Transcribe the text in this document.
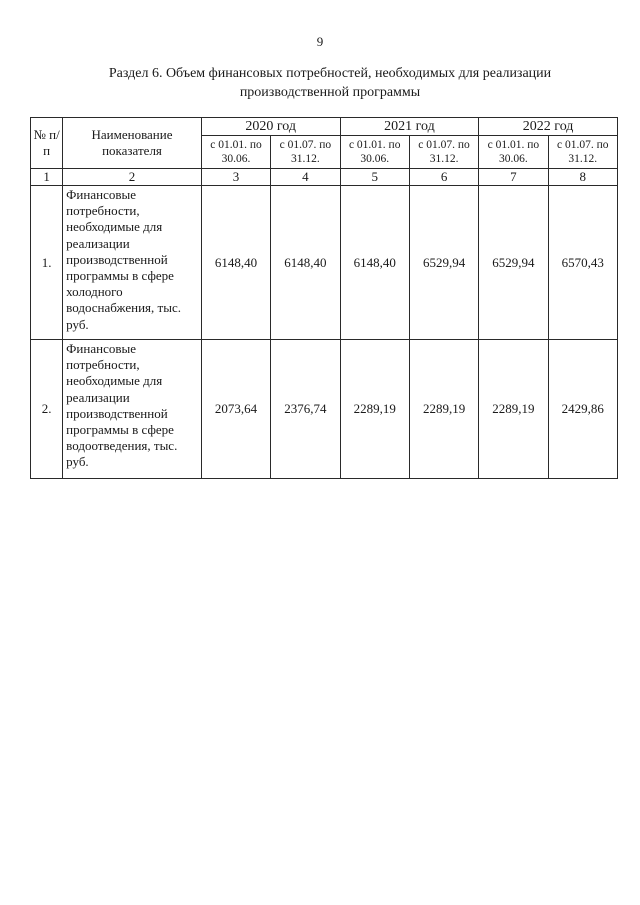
9
Раздел 6. Объем финансовых потребностей, необходимых для реализации
производственной программы
№ п/п	Наименование показателя	2020 год		2021 год		2022 год	
		с 01.01. по 30.06.	с 01.07. по 31.12.	с 01.01. по 30.06.	с 01.07. по 31.12.	с 01.01. по 30.06.	с 01.07. по 31.12.
1	2	3	4	5	6	7	8
1.	Финансовые потребности, необходимые для реализации производственной программы в сфере холодного водоснабжения, тыс. руб.	6148,40	6148,40	6148,40	6529,94	6529,94	6570,43
2.	Финансовые потребности, необходимые для реализации производственной программы в сфере водоотведения, тыс. руб.	2073,64	2376,74	2289,19	2289,19	2289,19	2429,86
